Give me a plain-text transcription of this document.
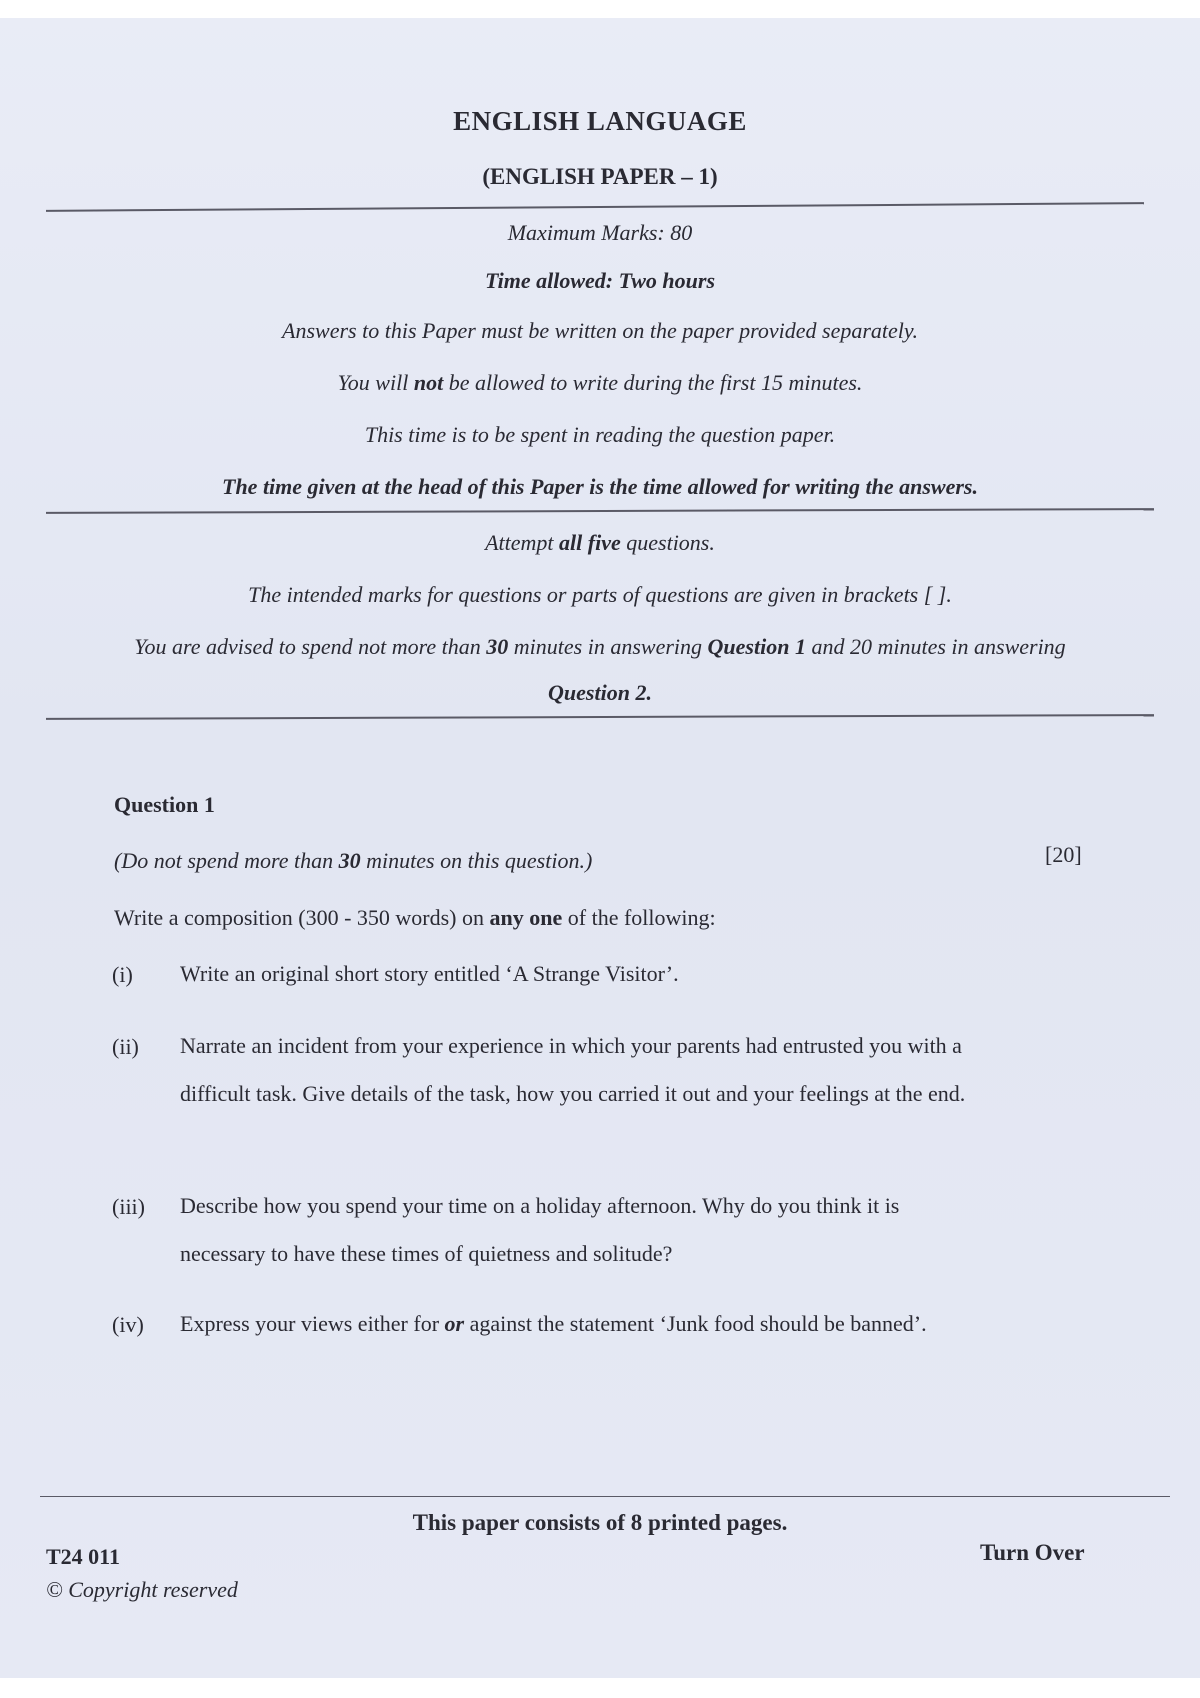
ENGLISH LANGUAGE
(ENGLISH PAPER – 1)
Maximum Marks: 80
Time allowed: Two hours
Answers to this Paper must be written on the paper provided separately.
You will not be allowed to write during the first 15 minutes.
This time is to be spent in reading the question paper.
The time given at the head of this Paper is the time allowed for writing the answers.
Attempt all five questions.
The intended marks for questions or parts of questions are given in brackets [ ].
You are advised to spend not more than 30 minutes in answering Question 1 and 20 minutes in answering
Question 2.
Question 1
(Do not spend more than 30 minutes on this question.)	[20]
Write a composition (300 - 350 words) on any one of the following:
(i) Write an original short story entitled ‘A Strange Visitor’.
(ii) Narrate an incident from your experience in which your parents had entrusted you with a difficult task. Give details of the task, how you carried it out and your feelings at the end.
(iii) Describe how you spend your time on a holiday afternoon. Why do you think it is necessary to have these times of quietness and solitude?
(iv) Express your views either for or against the statement ‘Junk food should be banned’.
This paper consists of 8 printed pages.
T24 011
© Copyright reserved
Turn Over
